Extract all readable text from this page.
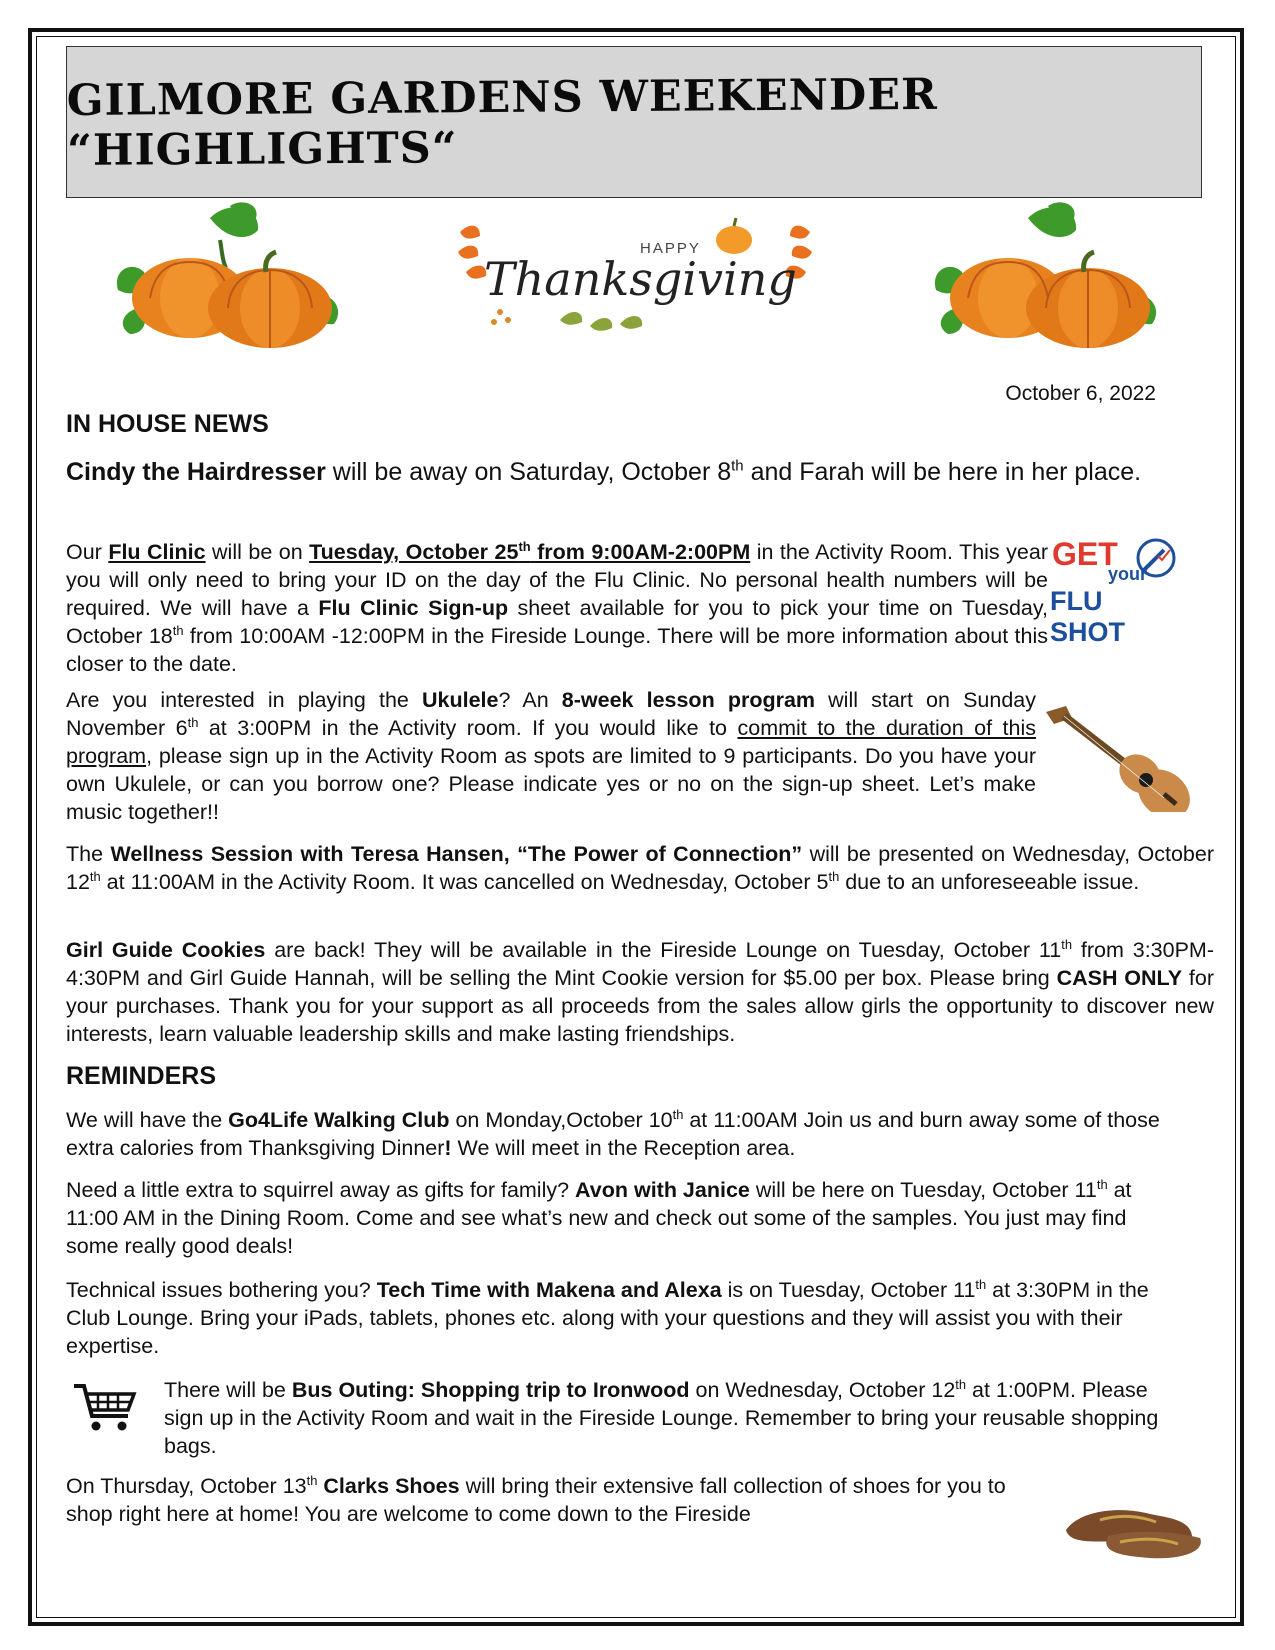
GILMORE GARDENS WEEKENDER “HIGHLIGHTS“
HAPPY
Thanksgiving
October 6, 2022
IN HOUSE NEWS
Cindy the Hairdresser will be away on Saturday, October 8th and Farah will be here in her place.
Our Flu Clinic will be on Tuesday, October 25th from 9:00AM-2:00PM in the Activity Room. This year you will only need to bring your ID on the day of the Flu Clinic. No personal health numbers will be required. We will have a Flu Clinic Sign-up sheet available for you to pick your time on Tuesday, October 18th from 10:00AM -12:00PM in the Fireside Lounge. There will be more information about this closer to the date.
GET
your
FLU SHOT
Are you interested in playing the Ukulele? An 8-week lesson program will start on Sunday November 6th at 3:00PM in the Activity room. If you would like to commit to the duration of this program, please sign up in the Activity Room as spots are limited to 9 participants. Do you have your own Ukulele, or can you borrow one? Please indicate yes or no on the sign-up sheet. Let’s make music together!!
The Wellness Session with Teresa Hansen, “The Power of Connection” will be presented on Wednesday, October 12th at 11:00AM in the Activity Room. It was cancelled on Wednesday, October 5th due to an unforeseeable issue.
Girl Guide Cookies are back! They will be available in the Fireside Lounge on Tuesday, October 11th from 3:30PM-4:30PM and Girl Guide Hannah, will be selling the Mint Cookie version for $5.00 per box. Please bring CASH ONLY for your purchases. Thank you for your support as all proceeds from the sales allow girls the opportunity to discover new interests, learn valuable leadership skills and make lasting friendships.
REMINDERS
We will have the Go4Life Walking Club on Monday,October 10th at 11:00AM Join us and burn away some of those extra calories from Thanksgiving Dinner! We will meet in the Reception area.
Need a little extra to squirrel away as gifts for family? Avon with Janice will be here on Tuesday, October 11th at 11:00 AM in the Dining Room. Come and see what’s new and check out some of the samples. You just may find some really good deals!
Technical issues bothering you? Tech Time with Makena and Alexa is on Tuesday, October 11th at 3:30PM in the Club Lounge. Bring your iPads, tablets, phones etc. along with your questions and they will assist you with their expertise.
There will be Bus Outing: Shopping trip to Ironwood on Wednesday, October 12th at 1:00PM. Please sign up in the Activity Room and wait in the Fireside Lounge. Remember to bring your reusable shopping bags.
On Thursday, October 13th Clarks Shoes will bring their extensive fall collection of shoes for you to shop right here at home! You are welcome to come down to the Fireside
